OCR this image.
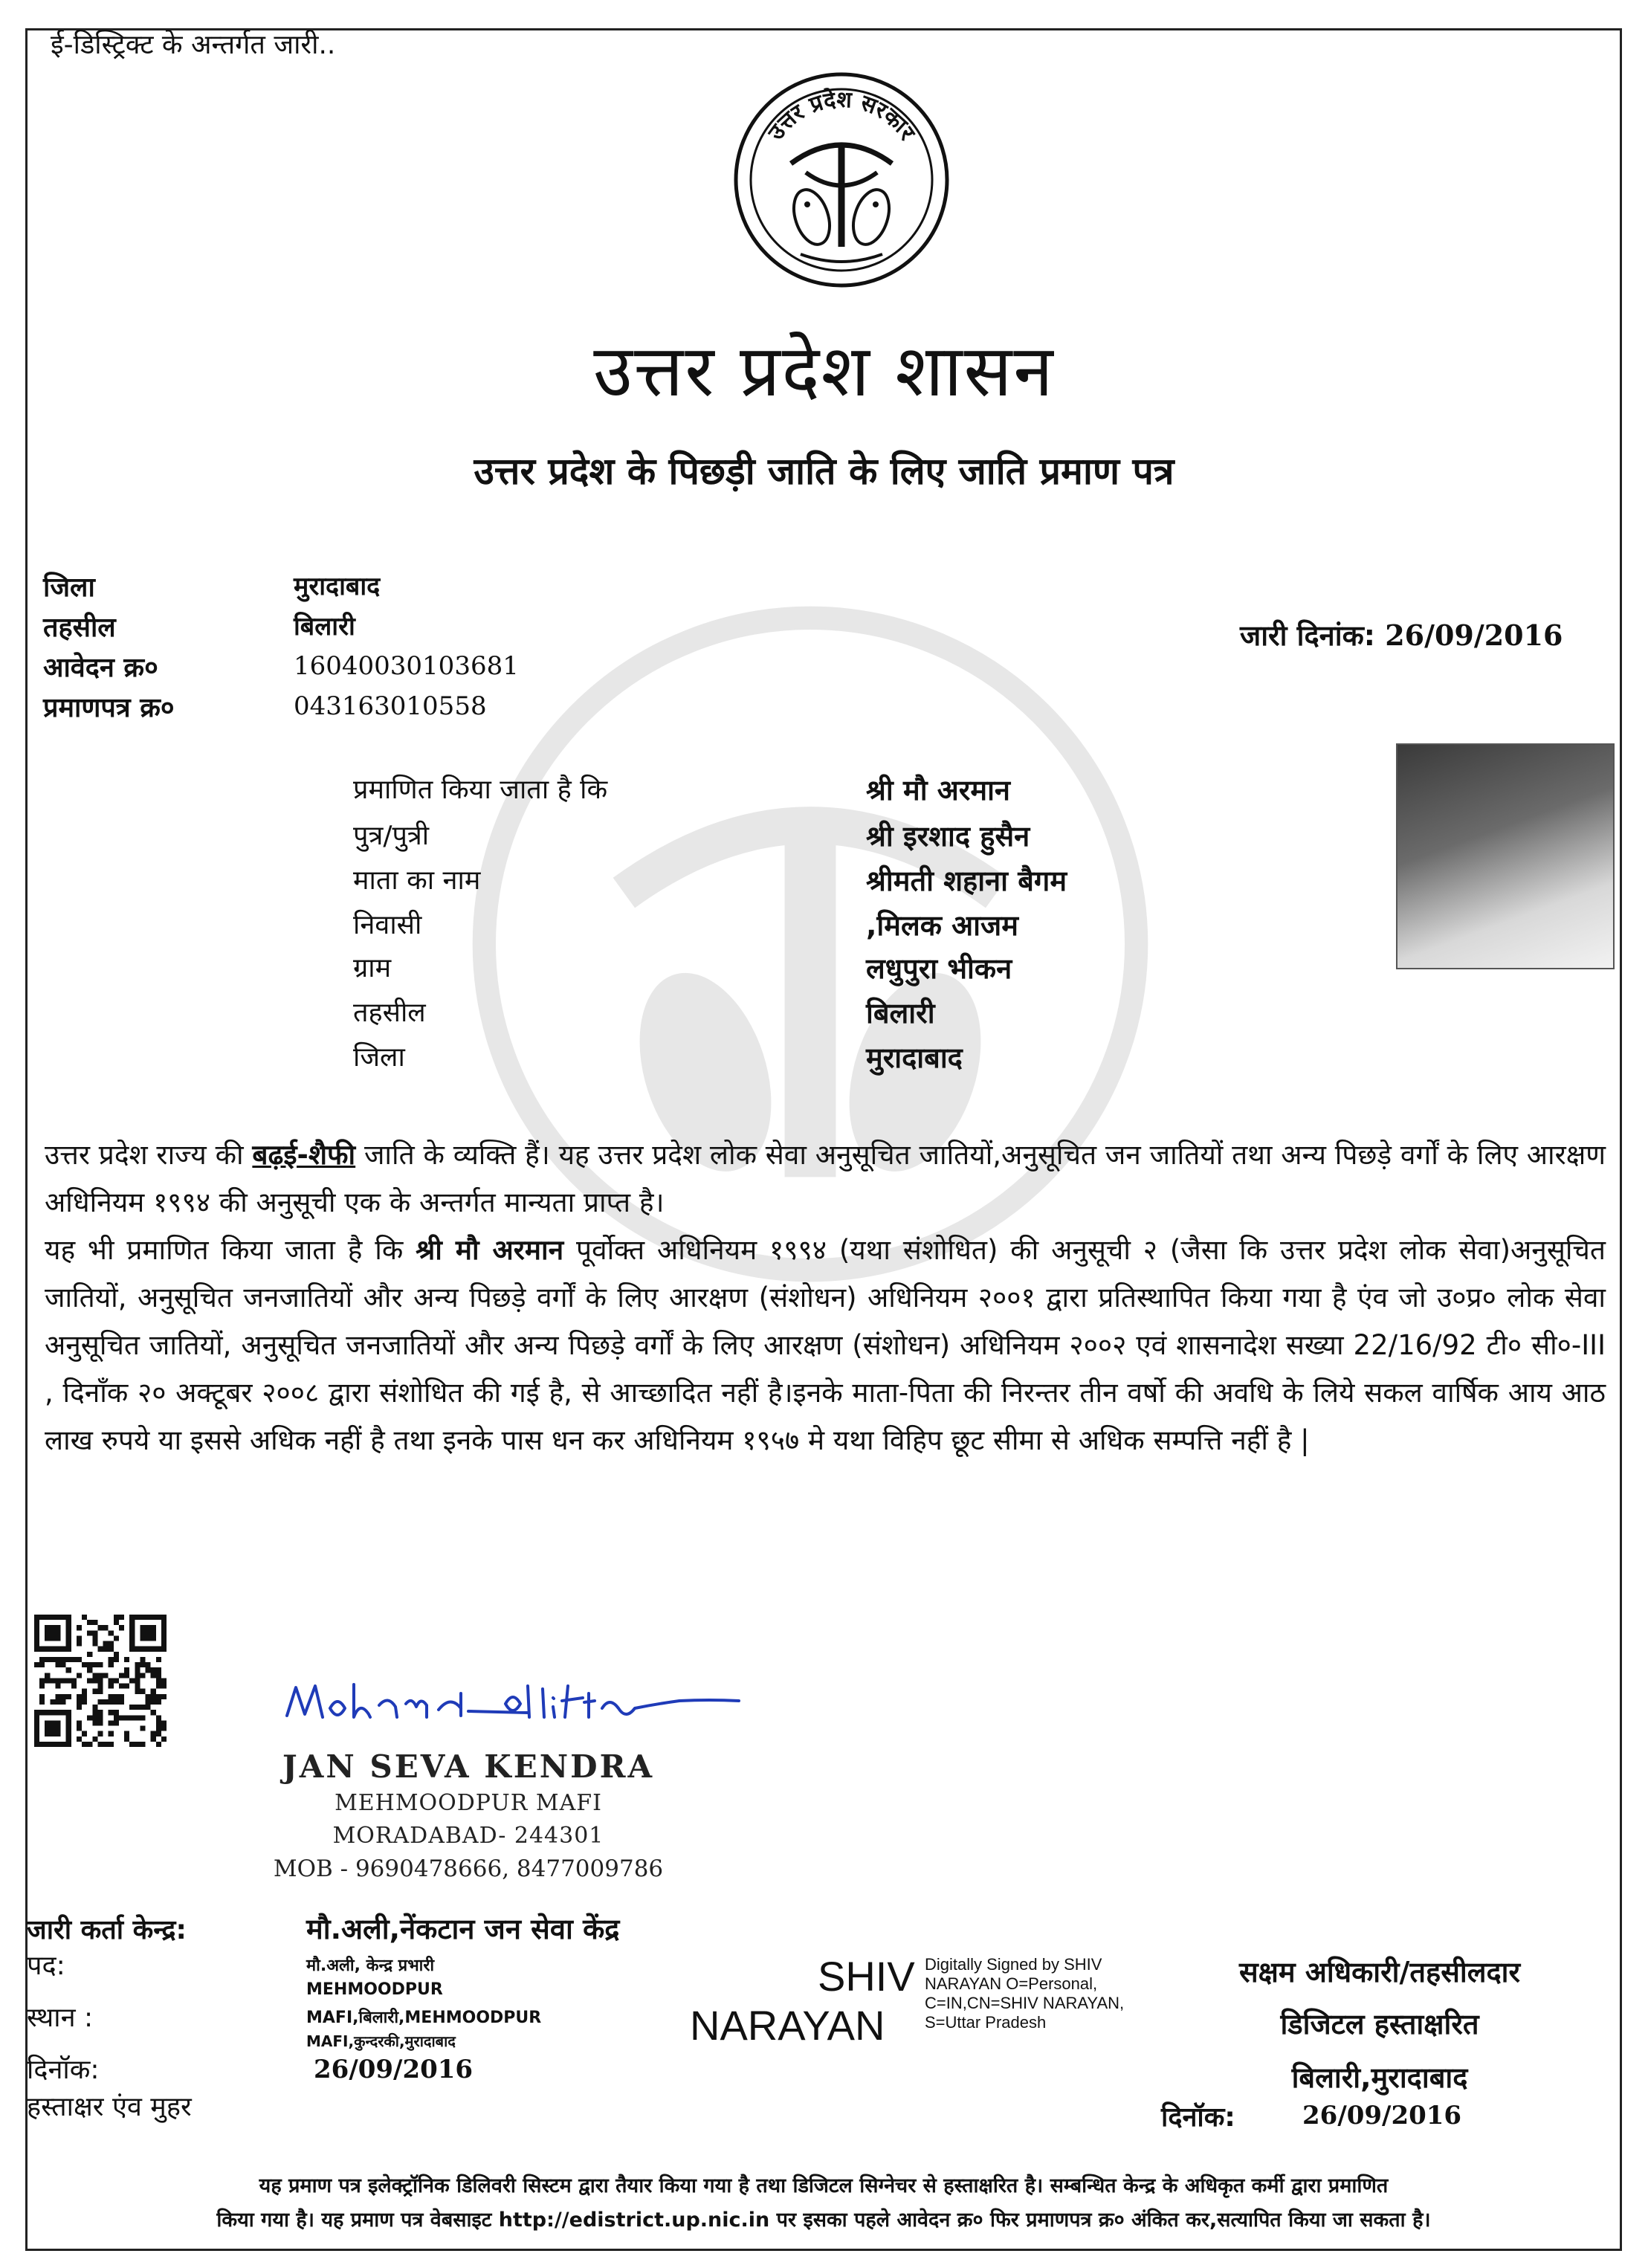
ई-डिस्ट्रिक्ट के अन्तर्गत जारी..
उत्तर प्रदेश सरकार
उत्तर प्रदेश शासन
उत्तर प्रदेश के पिछड़ी जाति के लिए जाति प्रमाण पत्र
जिला	मुरादाबाद
तहसील	बिलारी
आवेदन क्र०	16040030103681
प्रमाणपत्र क्र०	043163010558
जारी दिनांक: 26/09/2016
प्रमाणित किया जाता है कि	श्री मौ अरमान
पुत्र/पुत्री	श्री इरशाद हुसैन
माता का नाम	श्रीमती शहाना बैगम
निवासी	,मिलक आजम
ग्राम	लधुपुरा भीकन
तहसील	बिलारी
जिला	मुरादाबाद
उत्तर प्रदेश राज्य की बढ़ई-शैफी जाति के व्यक्ति हैं। यह उत्तर प्रदेश लोक सेवा अनुसूचित जातियों,अनुसूचित जन जातियों तथा अन्य पिछड़े वर्गों के लिए आरक्षण अधिनियम १९९४ की अनुसूची एक के अन्तर्गत मान्यता प्राप्त है।
यह भी प्रमाणित किया जाता है कि श्री मौ अरमान पूर्वोक्त अधिनियम १९९४ (यथा संशोधित) की अनुसूची २ (जैसा कि उत्तर प्रदेश लोक सेवा)अनुसूचित जातियों, अनुसूचित जनजातियों और अन्य पिछड़े वर्गों के लिए आरक्षण (संशोधन) अधिनियम २००१ द्वारा प्रतिस्थापित किया गया है एंव जो उ०प्र० लोक सेवा अनुसूचित जातियों, अनुसूचित जनजातियों और अन्य पिछड़े वर्गों के लिए आरक्षण (संशोधन) अधिनियम २००२ एवं शासनादेश सख्या 22/16/92 टी० सी०-III , दिनाँक २० अक्टूबर २००८ द्वारा संशोधित की गई है, से आच्छादित नहीं है।इनके माता-पिता की निरन्तर तीन वर्षो की अवधि के लिये सकल वार्षिक आय आठ लाख रुपये या इससे अधिक नहीं है तथा इनके पास धन कर अधिनियम १९५७ मे यथा विहिप छूट सीमा से अधिक सम्पत्ति नहीं है |
Mohan dAli kta
JAN SEVA KENDRA
MEHMOODPUR MAFI
MORADABAD- 244301
MOB - 9690478666, 8477009786
जारी कर्ता केन्द्र:	मौ.अली,नेंकटान जन सेवा केंद्र
पद:	मौ.अली, केन्द्र प्रभारी
MEHMOODPUR
स्थान :	MAFI,बिलारी,MEHMOODPUR
MAFI,कुन्दरकी,मुरादाबाद
दिनॉक:	26/09/2016
हस्ताक्षर एंव मुहर
SHIV
NARAYAN
Digitally Signed by SHIV
NARAYAN O=Personal,
C=IN,CN=SHIV NARAYAN,
S=Uttar Pradesh
सक्षम अधिकारी/तहसीलदार
डिजिटल हस्ताक्षरित
बिलारी,मुरादाबाद
दिनॉक:	26/09/2016
यह प्रमाण पत्र इलेक्ट्रॉनिक डिलिवरी सिस्टम द्वारा तैयार किया गया है तथा डिजिटल सिग्नेचर से हस्ताक्षरित है। सम्बन्धित केन्द्र के अधिकृत कर्मी द्वारा प्रमाणित
किया गया है। यह प्रमाण पत्र वेबसाइट http://edistrict.up.nic.in पर इसका पहले आवेदन क्र० फिर प्रमाणपत्र क्र० अंकित कर,सत्यापित किया जा सकता है।
